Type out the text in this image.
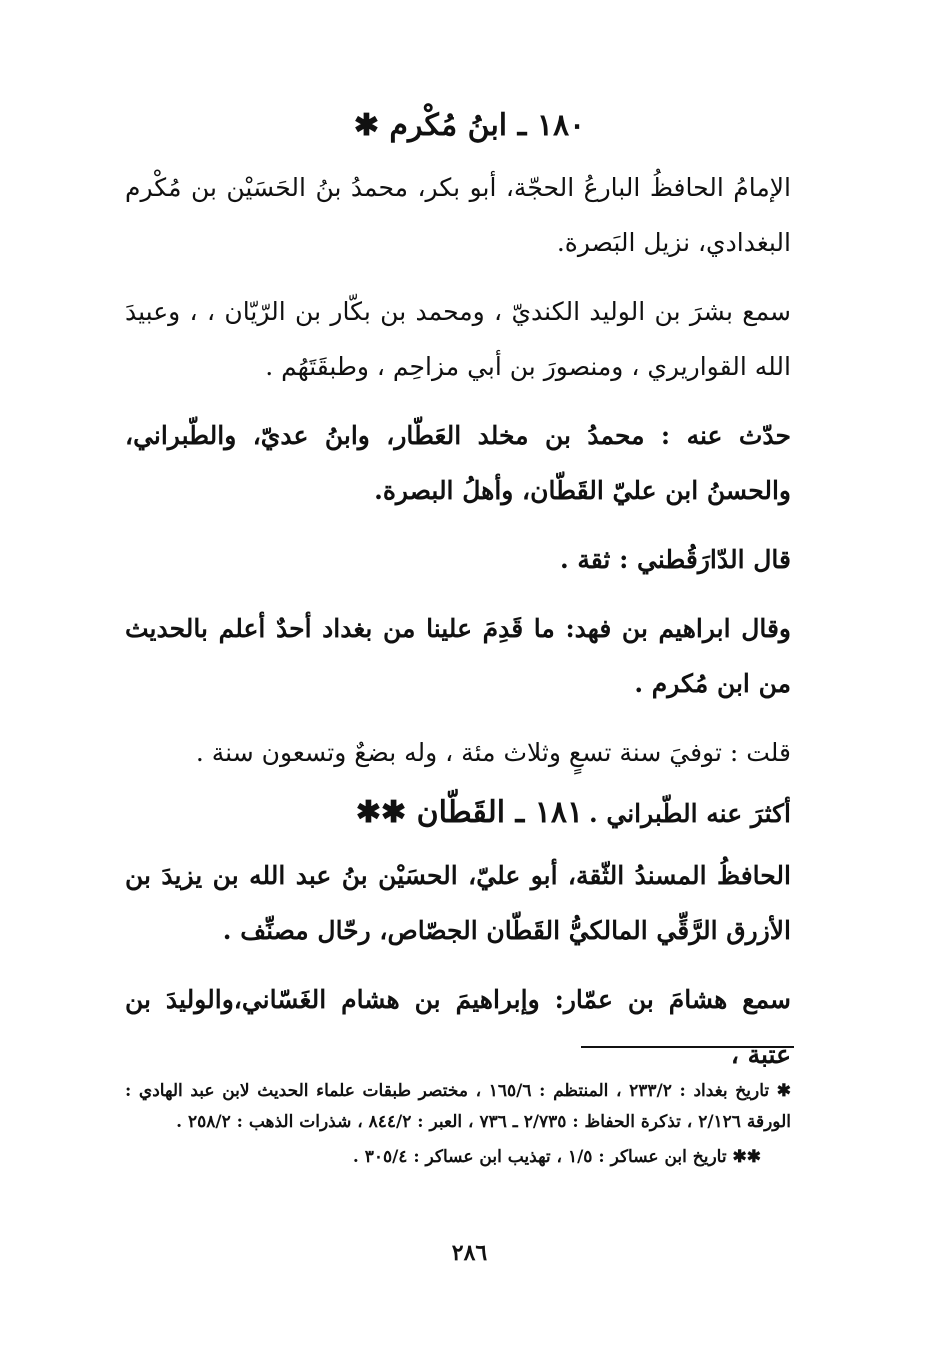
١٨٠ ـ ابنُ مُكْرم ✱

الإمامُ الحافظُ البارعُ الحجّة، أبو بكر، محمدُ بنُ الحَسَيْن بن مُكْرم البغدادي، نزيل البَصرة.

سمع بشرَ بن الوليد الكنديّ ، ومحمد بن بكّار بن الرّيّان ، ، وعبيدَ الله القواريري ، ومنصورَ بن أبي مزاحِم ، وطبقَتَهُم .

حدّث عنه : محمدُ بن مخلد العَطّار، وابنُ عديّ، والطّبراني، والحسنُ ابن عليّ القَطّان، وأهلُ البصرة.

قال الدّارَقُطني : ثقة .

وقال ابراهيم بن فهد: ما قَدِمَ علينا من بغداد أحدٌ أعلم بالحديث من ابن مُكرم .

قلت : توفيَ سنة تسعٍ وثلاث مئة ، وله بضعٌ وتسعون سنة .

أكثرَ عنه الطّبراني .

١٨١ ـ القَطّان ✱✱

الحافظُ المسندُ الثّقة، أبو عليّ، الحسَيْن بنُ عبد الله بن يزيدَ بن الأزرق الرَّقِّي المالكيُّ القَطّان الجصّاص، رحّال مصنِّف .

سمع هشامَ بن عمّار: وإبراهيمَ بن هشام الغَسّاني،والوليدَ بن عتبة ،

✱ تاريخ بغداد : ٢٣٣/٢ ، المنتظم : ١٦٥/٦ ، مختصر طبقات علماء الحديث لابن عبد الهادي : الورقة ٢/١٢٦ ، تذكرة الحفاظ : ٢/٧٣٥ ـ ٧٣٦ ، العبر : ٨٤٤/٢ ، شذرات الذهب : ٢٥٨/٢ .
✱✱ تاريخ ابن عساكر : ١/٥ ، تهذيب ابن عساكر : ٣٠٥/٤ .
٢٨٦
